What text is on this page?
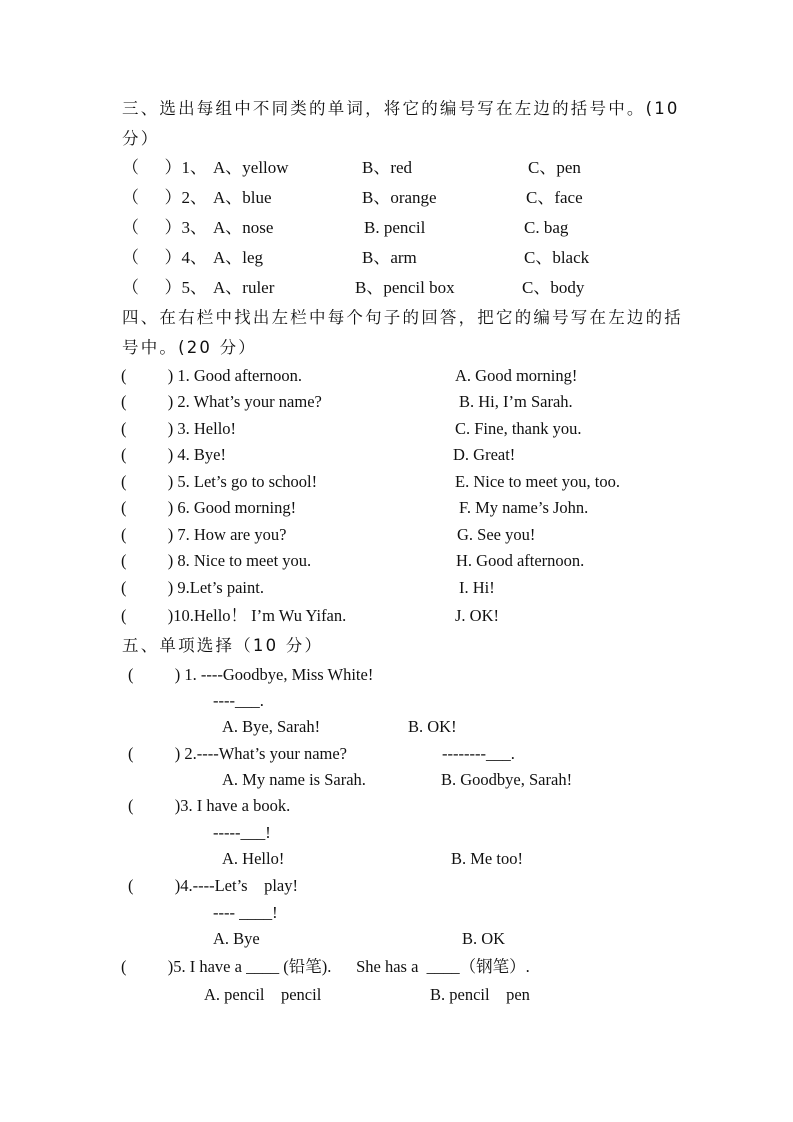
三、选出每组中不同类的单词，将它的编号写在左边的括号中。(10
分）
（      ）1、 A、yellow	B、red	C、pen
（      ）2、 A、blue	B、orange	C、face
（      ）3、 A、nose	B. pencil	C. bag
（      ）4、 A、leg	B、arm	C、black
（      ）5、 A、ruler	B、pencil box	C、body
四、在右栏中找出左栏中每个句子的回答，把它的编号写在左边的括
号中。(20 分）
(          ) 1. Good afternoon.	A. Good morning!
(          ) 2. What’s your name?	B. Hi, I’m Sarah.
(          ) 3. Hello!	C. Fine, thank you.
(          ) 4. Bye!	D. Great!
(          ) 5. Let’s go to school!	E. Nice to meet you, too.
(          ) 6. Good morning!	F. My name’s John.
(          ) 7. How are you?	G. See you!
(          ) 8. Nice to meet you.	H. Good afternoon.
(          ) 9.Let’s paint.	I. Hi!
(          )10.Hello！ I’m Wu Yifan.	J. OK!
五、单项选择（10 分）
(          ) 1. ----Goodbye, Miss White!
----___.
A. Bye, Sarah!	B. OK!
(          ) 2.----What’s your name?	--------___.
A. My name is Sarah.	B. Goodbye, Sarah!
(          )3. I have a book.
-----___!
A. Hello!	B. Me too!
(          )4.----Let’s    play!
---- ____!
A. Bye	B. OK
(          )5. I have a ____ (铅笔).      She has a  ____（钢笔）.
A. pencil    pencil	B. pencil    pen
